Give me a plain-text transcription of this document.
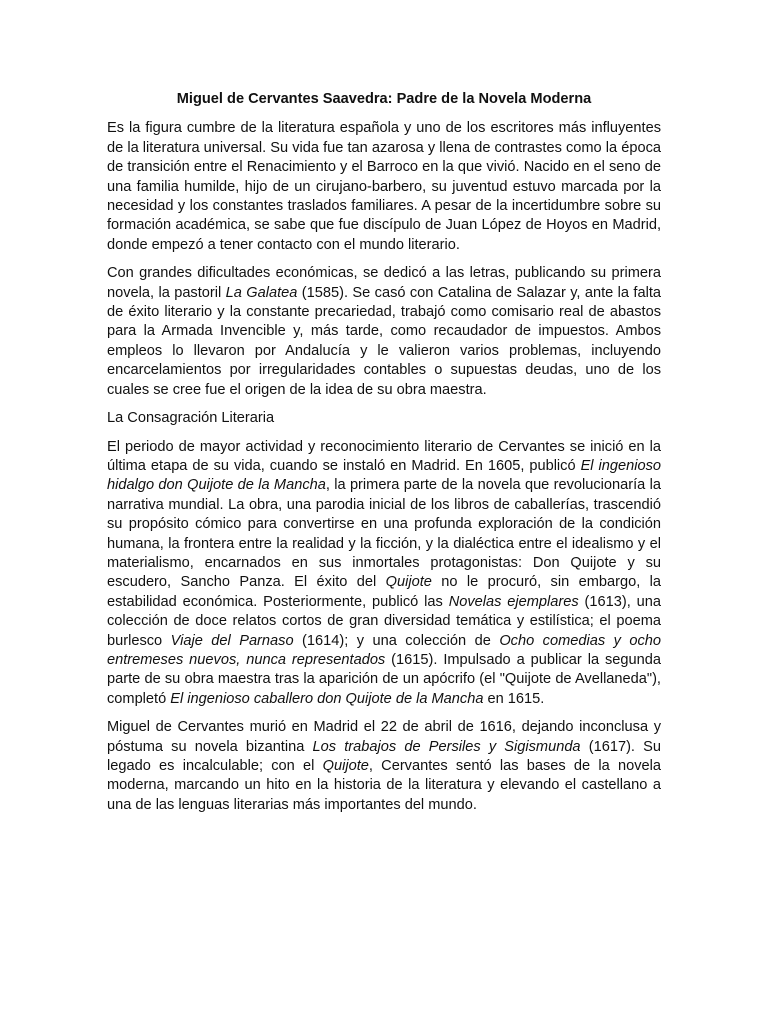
Miguel de Cervantes Saavedra: Padre de la Novela Moderna

Es la figura cumbre de la literatura española y uno de los escritores más influyentes de la literatura universal. Su vida fue tan azarosa y llena de contrastes como la época de transición entre el Renacimiento y el Barroco en la que vivió. Nacido en el seno de una familia humilde, hijo de un cirujano-barbero, su juventud estuvo marcada por la necesidad y los constantes traslados familiares. A pesar de la incertidumbre sobre su formación académica, se sabe que fue discípulo de Juan López de Hoyos en Madrid, donde empezó a tener contacto con el mundo literario.

Con grandes dificultades económicas, se dedicó a las letras, publicando su primera novela, la pastoril La Galatea (1585). Se casó con Catalina de Salazar y, ante la falta de éxito literario y la constante precariedad, trabajó como comisario real de abastos para la Armada Invencible y, más tarde, como recaudador de impuestos. Ambos empleos lo llevaron por Andalucía y le valieron varios problemas, incluyendo encarcelamientos por irregularidades contables o supuestas deudas, uno de los cuales se cree fue el origen de la idea de su obra maestra.

La Consagración Literaria

El periodo de mayor actividad y reconocimiento literario de Cervantes se inició en la última etapa de su vida, cuando se instaló en Madrid. En 1605, publicó El ingenioso hidalgo don Quijote de la Mancha, la primera parte de la novela que revolucionaría la narrativa mundial. La obra, una parodia inicial de los libros de caballerías, trascendió su propósito cómico para convertirse en una profunda exploración de la condición humana, la frontera entre la realidad y la ficción, y la dialéctica entre el idealismo y el materialismo, encarnados en sus inmortales protagonistas: Don Quijote y su escudero, Sancho Panza. El éxito del Quijote no le procuró, sin embargo, la estabilidad económica. Posteriormente, publicó las Novelas ejemplares (1613), una colección de doce relatos cortos de gran diversidad temática y estilística; el poema burlesco Viaje del Parnaso (1614); y una colección de Ocho comedias y ocho entremeses nuevos, nunca representados (1615). Impulsado a publicar la segunda parte de su obra maestra tras la aparición de un apócrifo (el "Quijote de Avellaneda"), completó El ingenioso caballero don Quijote de la Mancha en 1615.

Miguel de Cervantes murió en Madrid el 22 de abril de 1616, dejando inconclusa y póstuma su novela bizantina Los trabajos de Persiles y Sigismunda (1617). Su legado es incalculable; con el Quijote, Cervantes sentó las bases de la novela moderna, marcando un hito en la historia de la literatura y elevando el castellano a una de las lenguas literarias más importantes del mundo.
